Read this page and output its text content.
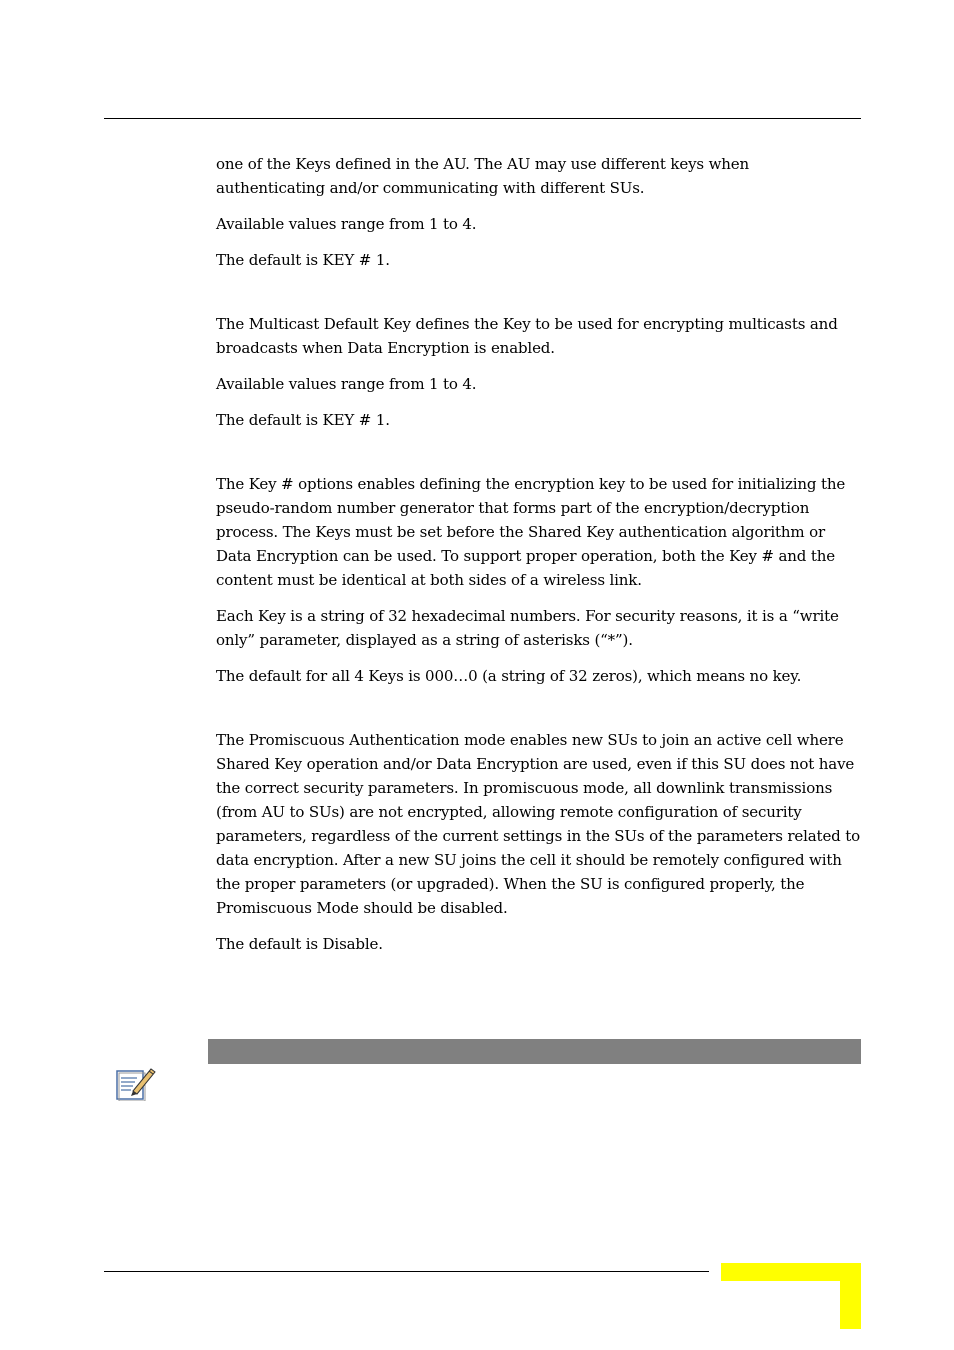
one of the Keys defined in the AU. The AU may use different keys when authenticating and/or communicating with different SUs.

Available values range from 1 to 4.

The default is KEY # 1.

The Multicast Default Key defines the Key to be used for encrypting multicasts and broadcasts when Data Encryption is enabled.

Available values range from 1 to 4.

The default is KEY # 1.

The Key # options enables defining the encryption key to be used for initializing the pseudo-random number generator that forms part of the encryption/decryption process. The Keys must be set before the Shared Key authentication algorithm or Data Encryption can be used. To support proper operation, both the Key # and the content must be identical at both sides of a wireless link.

Each Key is a string of 32 hexadecimal numbers. For security reasons, it is a “write only” parameter, displayed as a string of asterisks (“*”).

The default for all 4 Keys is 000…0 (a string of 32 zeros), which means no key.

The Promiscuous Authentication mode enables new SUs to join an active cell where Shared Key operation and/or Data Encryption are used, even if this SU does not have the correct security parameters. In promiscuous mode, all downlink transmissions (from AU to SUs) are not encrypted, allowing remote configuration of security parameters, regardless of the current settings in the SUs of the parameters related to data encryption. After a new SU joins the cell it should be remotely configured with the proper parameters (or upgraded). When the SU is configured properly, the Promiscuous Mode should be disabled.

The default is Disable.
